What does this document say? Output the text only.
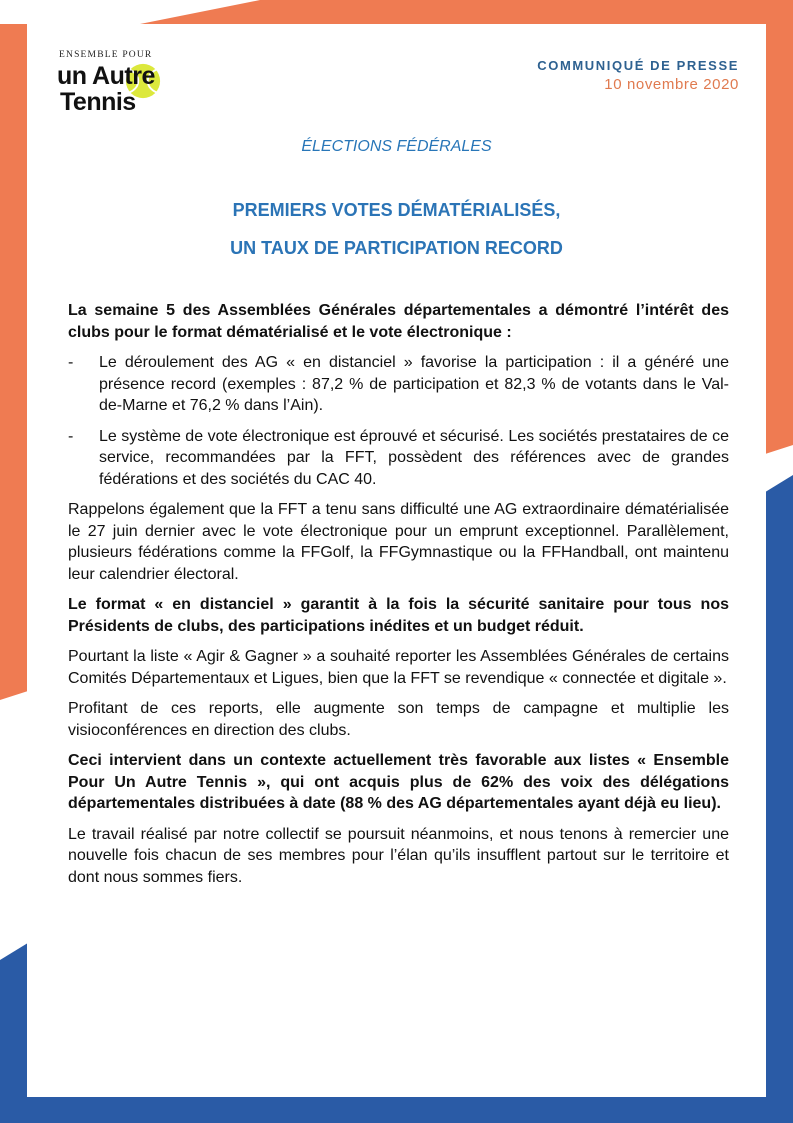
ENSEMBLE POUR
un Autre
Tennis
COMMUNIQUÉ DE PRESSE
10 novembre 2020
ÉLECTIONS FÉDÉRALES
PREMIERS VOTES DÉMATÉRIALISÉS,
UN TAUX DE PARTICIPATION RECORD

La semaine 5 des Assemblées Générales départementales a démontré l’intérêt des clubs pour le format dématérialisé et le vote électronique :

- Le déroulement des AG « en distanciel » favorise la participation : il a généré une présence record (exemples : 87,2 % de participation et 82,3 % de votants dans le Val-de-Marne et 76,2 % dans l’Ain).
- Le système de vote électronique est éprouvé et sécurisé. Les sociétés prestataires de ce service, recommandées par la FFT, possèdent des références avec de grandes fédérations et des sociétés du CAC 40.

Rappelons également que la FFT a tenu sans difficulté une AG extraordinaire dématérialisée le 27 juin dernier avec le vote électronique pour un emprunt exceptionnel. Parallèlement, plusieurs fédérations comme la FFGolf, la FFGymnastique ou la FFHandball, ont maintenu leur calendrier électoral.

Le format « en distanciel » garantit à la fois la sécurité sanitaire pour tous nos Présidents de clubs, des participations inédites et un budget réduit.

Pourtant la liste « Agir & Gagner » a souhaité reporter les Assemblées Générales de certains Comités Départementaux et Ligues, bien que la FFT se revendique « connectée et digitale ».

Profitant de ces reports, elle augmente son temps de campagne et multiplie les visioconférences en direction des clubs.

Ceci intervient dans un contexte actuellement très favorable aux listes « Ensemble Pour Un Autre Tennis », qui ont acquis plus de 62% des voix des délégations départementales distribuées à date (88 % des AG départementales ayant déjà eu lieu).

Le travail réalisé par notre collectif se poursuit néanmoins, et nous tenons à remercier une nouvelle fois chacun de ses membres pour l’élan qu’ils insufflent partout sur le territoire et dont nous sommes fiers.
